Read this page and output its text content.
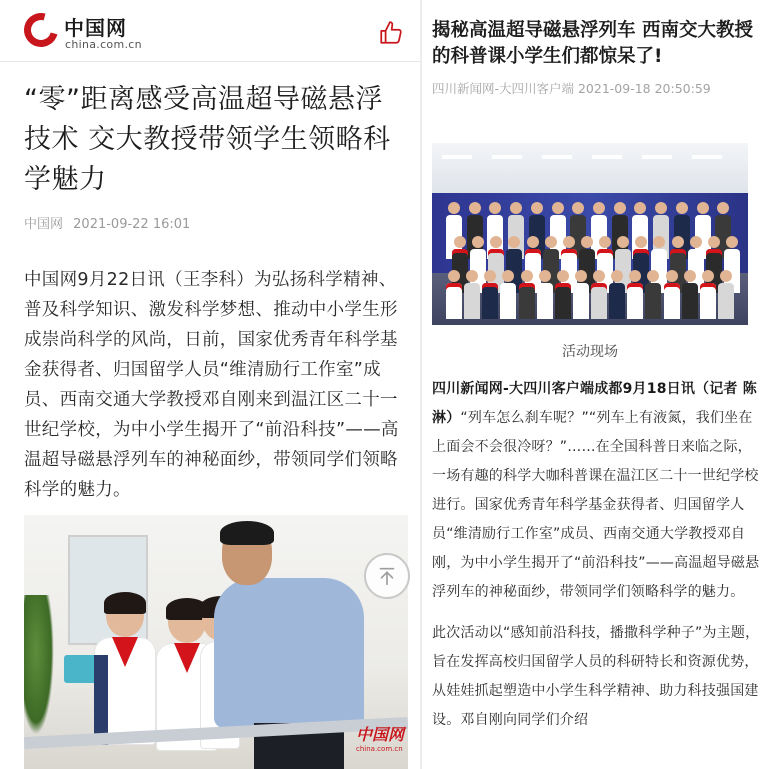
中国网
china.com.cn
“零”距离感受高温超导磁悬浮技术 交大教授带领学生领略科学魅力
中国网 2021-09-22 16:01
中国网9月22日讯（王李科）为弘扬科学精神、普及科学知识、激发科学梦想、推动中小学生形成崇尚科学的风尚，日前，国家优秀青年科学基金获得者、归国留学人员“维清励行工作室”成员、西南交通大学教授邓自刚来到温江区二十一世纪学校，为中小学生揭开了“前沿科技”——高温超导磁悬浮列车的神秘面纱，带领同学们领略科学的魅力。
中国网
china.com.cn
揭秘高温超导磁悬浮列车 西南交大教授的科普课小学生们都惊呆了!
四川新闻网-大四川客户端 2021-09-18 20:50:59
活动现场

四川新闻网-大四川客户端成都9月18日讯（记者 陈淋）“列车怎么刹车呢？”“列车上有液氮，我们坐在上面会不会很冷呀？”……在全国科普日来临之际，一场有趣的科学大咖科普课在温江区二十一世纪学校进行。国家优秀青年科学基金获得者、归国留学人员“维清励行工作室”成员、西南交通大学教授邓自刚，为中小学生揭开了“前沿科技”——高温超导磁悬浮列车的神秘面纱，带领同学们领略科学的魅力。

此次活动以“感知前沿科技，播撒科学种子”为主题，旨在发挥高校归国留学人员的科研特长和资源优势，从娃娃抓起塑造中小学生科学精神、助力科技强国建设。邓自刚向同学们介绍
